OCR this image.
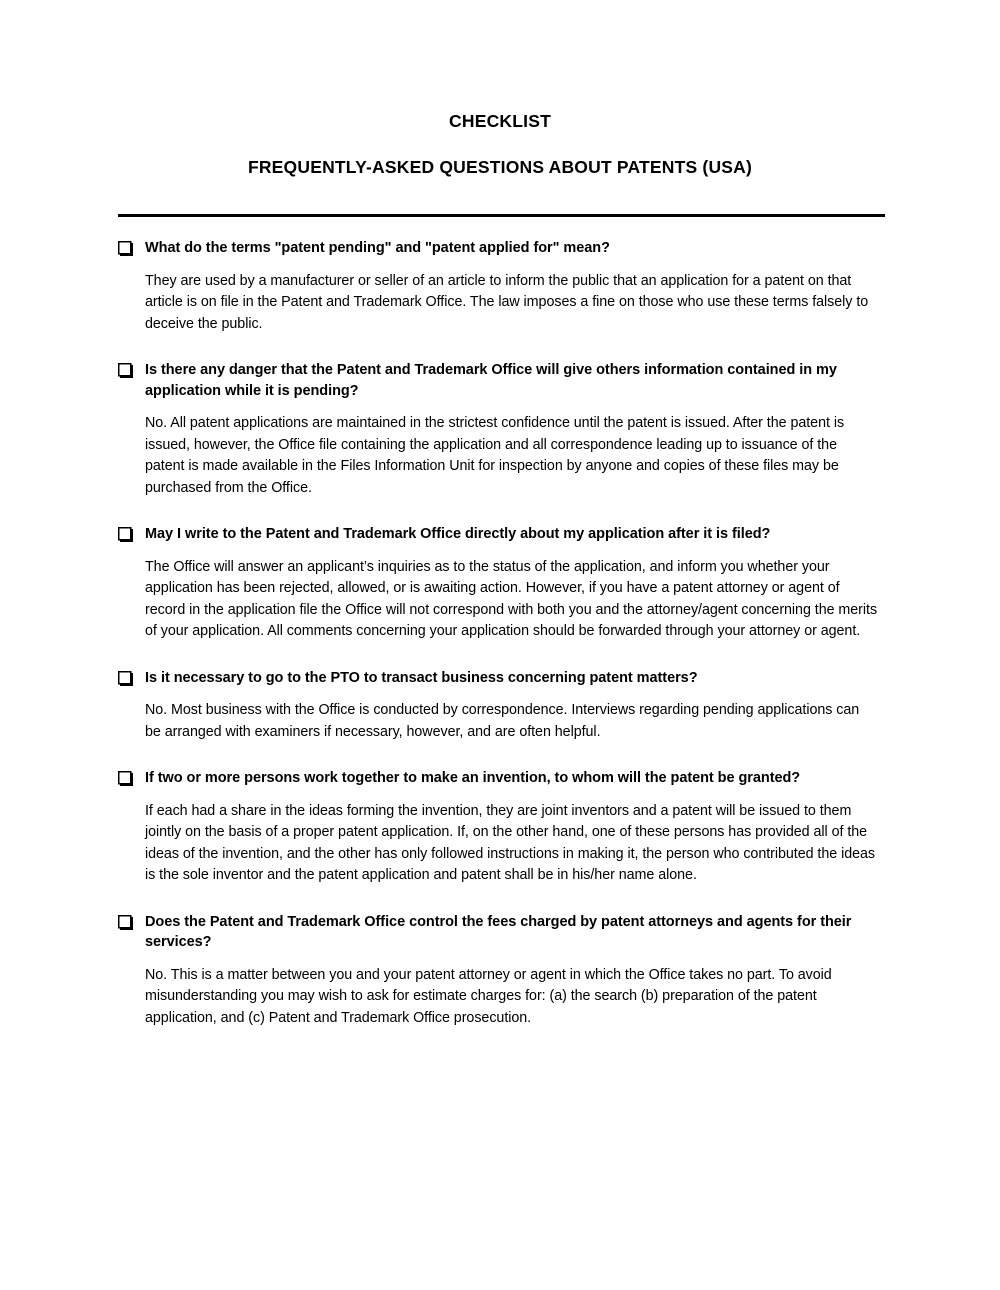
CHECKLIST
FREQUENTLY-ASKED QUESTIONS ABOUT PATENTS (USA)
What do the terms "patent pending" and "patent applied for" mean?
They are used by a manufacturer or seller of an article to inform the public that an application for a patent on that article is on file in the Patent and Trademark Office. The law imposes a fine on those who use these terms falsely to deceive the public.
Is there any danger that the Patent and Trademark Office will give others information contained in my application while it is pending?
No. All patent applications are maintained in the strictest confidence until the patent is issued. After the patent is issued, however, the Office file containing the application and all correspondence leading up to issuance of the patent is made available in the Files Information Unit for inspection by anyone and copies of these files may be purchased from the Office.
May I write to the Patent and Trademark Office directly about my application after it is filed?
The Office will answer an applicant’s inquiries as to the status of the application, and inform you whether your application has been rejected, allowed, or is awaiting action. However, if you have a patent attorney or agent of record in the application file the Office will not correspond with both you and the attorney/agent concerning the merits of your application. All comments concerning your application should be forwarded through your attorney or agent.
Is it necessary to go to the PTO to transact business concerning patent matters?
No. Most business with the Office is conducted by correspondence. Interviews regarding pending applications can be arranged with examiners if necessary, however, and are often helpful.
If two or more persons work together to make an invention, to whom will the patent be granted?
If each had a share in the ideas forming the invention, they are joint inventors and a patent will be issued to them jointly on the basis of a proper patent application. If, on the other hand, one of these persons has provided all of the ideas of the invention, and the other has only followed instructions in making it, the person who contributed the ideas is the sole inventor and the patent application and patent shall be in his/her name alone.
Does the Patent and Trademark Office control the fees charged by patent attorneys and agents for their services?
No. This is a matter between you and your patent attorney or agent in which the Office takes no part. To avoid misunderstanding you may wish to ask for estimate charges for: (a) the search (b) preparation of the patent application, and (c) Patent and Trademark Office prosecution.
